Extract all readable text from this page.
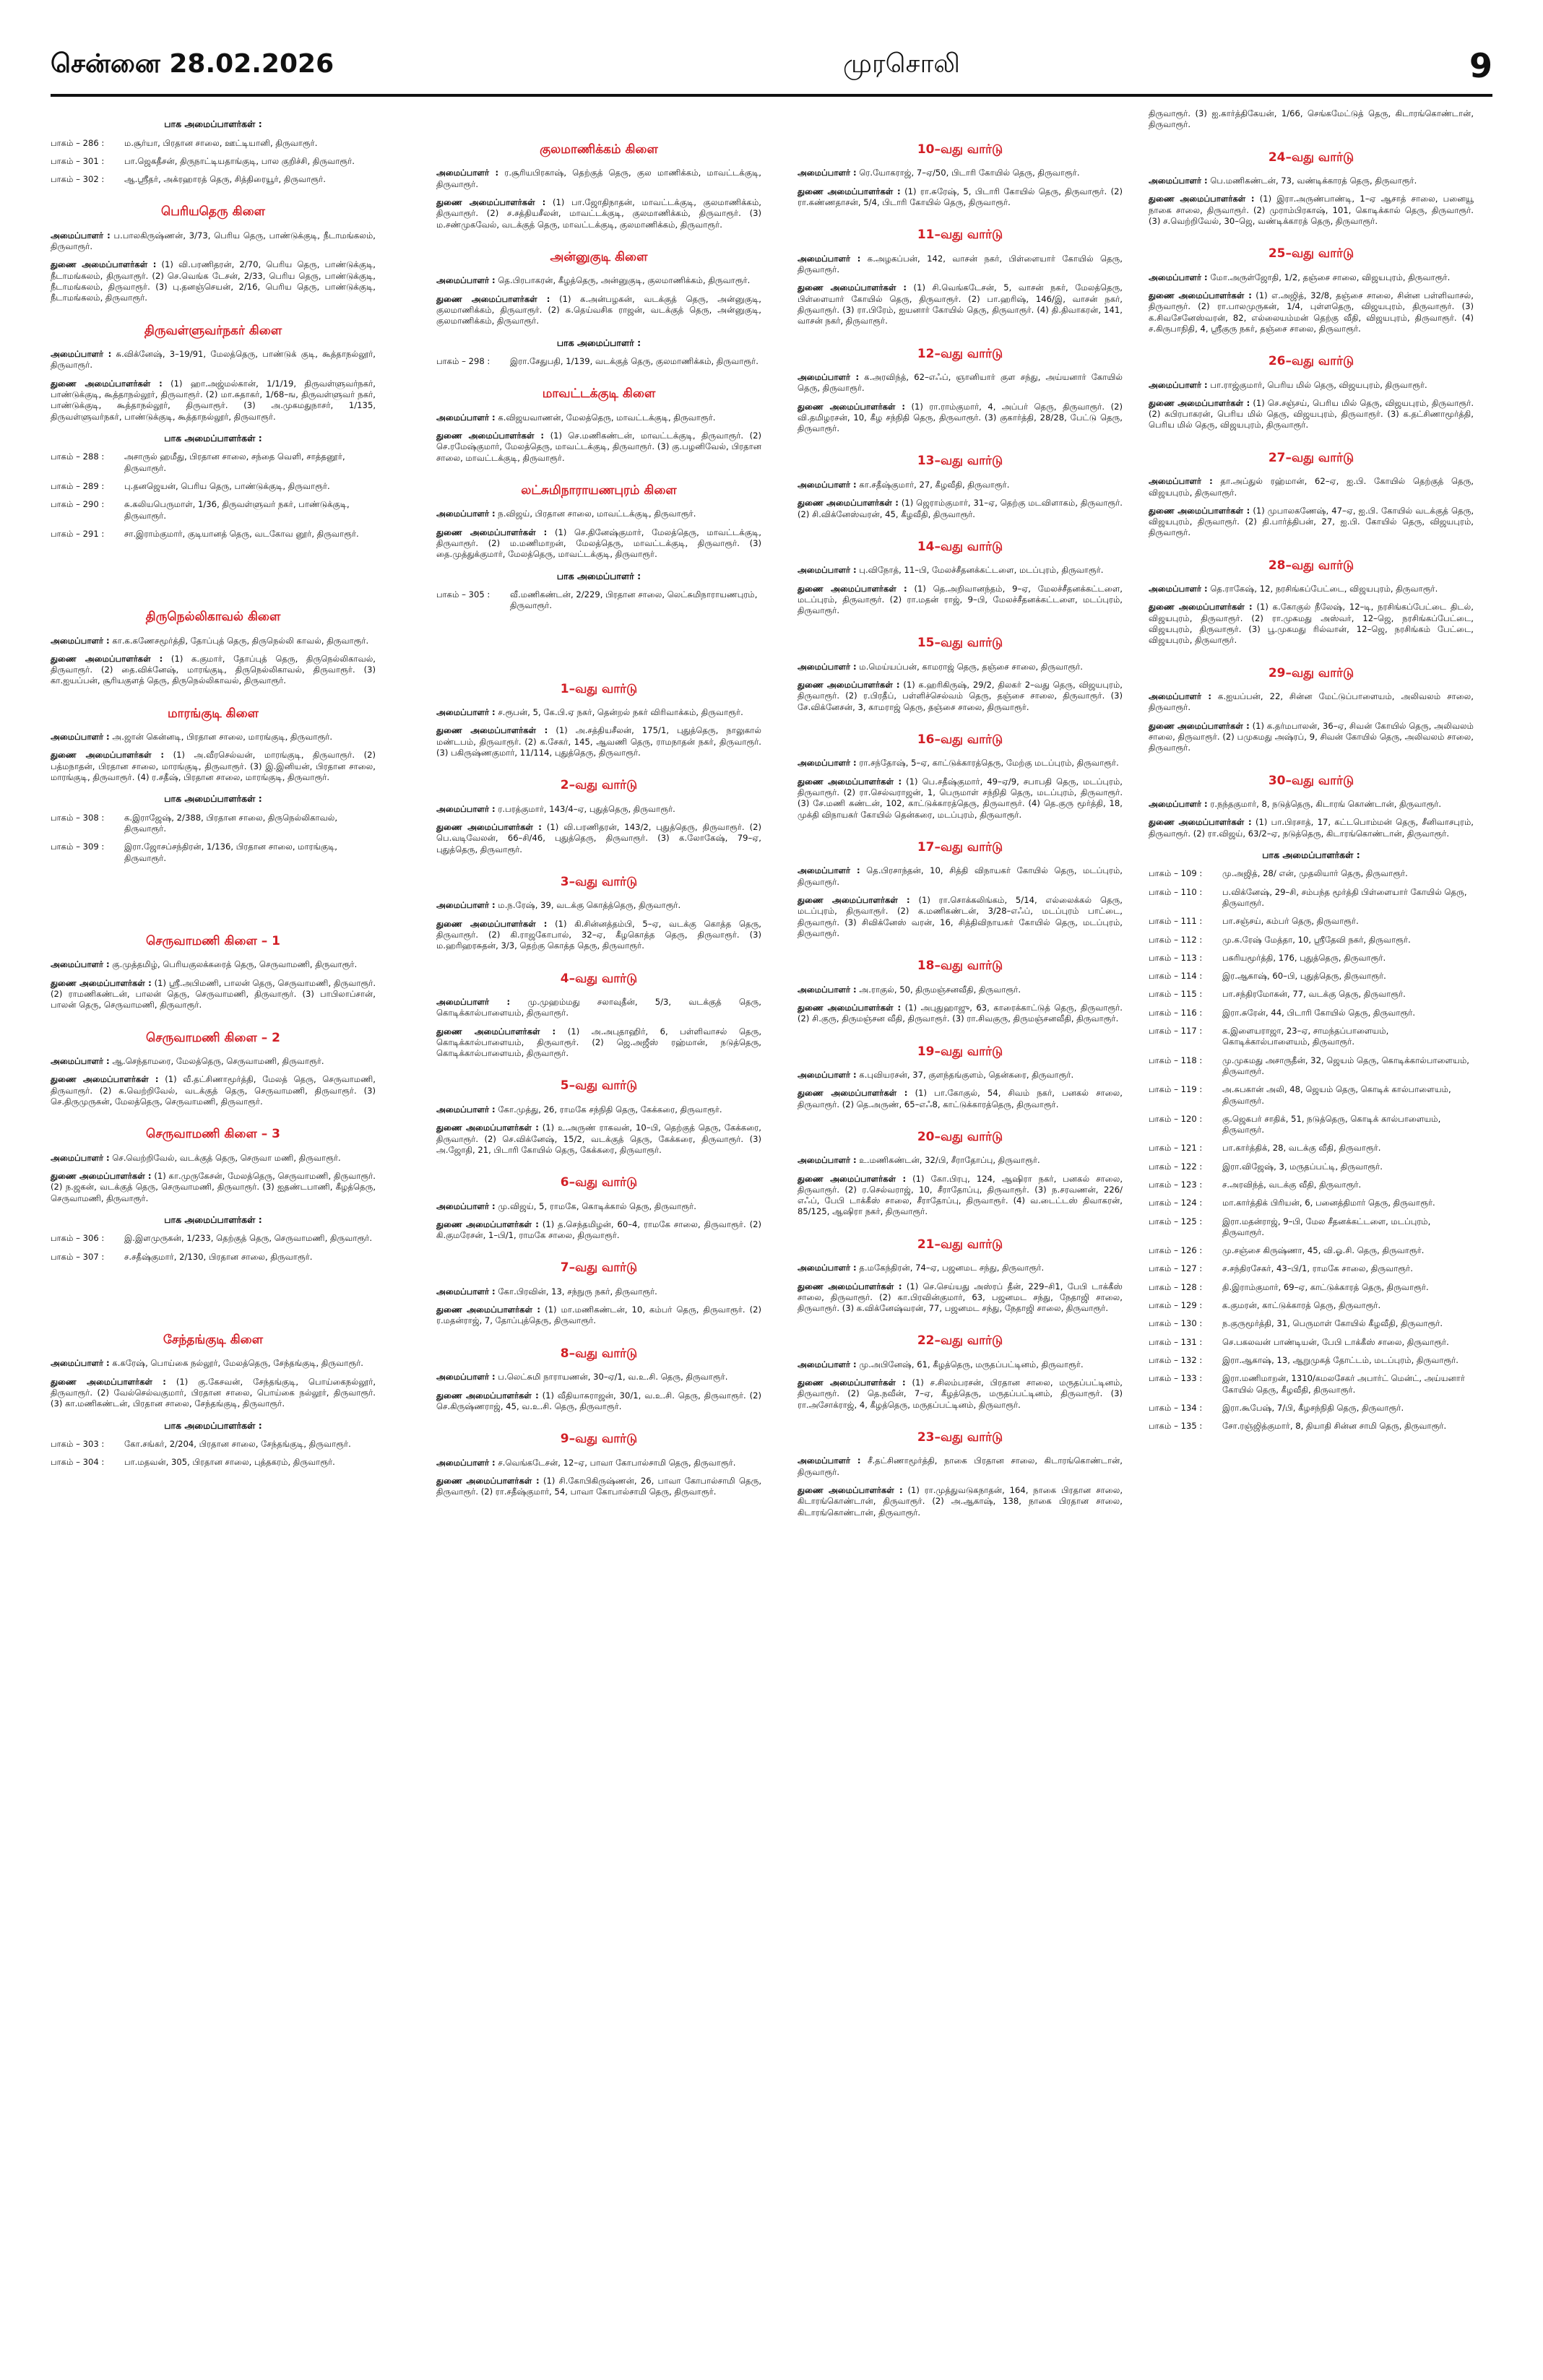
சென்னை 28.02.2026	முரசொலி	9
பாக அமைப்பாளர்கள் :
பாகம் – 286 :	ம.சூர்யா, பிரதான சாலை, ஊட்டியானி, திருவாரூர்.
பாகம் – 301 :	பா.ஜெகதீசன், திருநாட்டியதாங்குடி, பால குறிச்சி, திருவாரூர்.
பாகம் – 302 :	ஆ.ஸ்ரீதர், அக்ரஹாரத் தெரு, சித்திரையூர், திருவாரூர்.
பெரியதெரு கிளை
அமைப்பாளர் : ப.பாலகிருஷ்ணன், 3/73, பெரிய தெரு, பாண்டுக்குடி, நீடாமங்கலம், திருவாரூர்.
துணை அமைப்பாளர்கள் : (1) வி.பரணிதரன், 2/70, பெரிய தெரு, பாண்டுக்குடி, நீடாமங்கலம், திருவாரூர். (2) செ.வெங்க டேசன், 2/33, பெரிய தெரு, பாண்டுக்குடி, நீடாமங்கலம், திருவாரூர். (3) பு.தனஞ்செயன், 2/16, பெரிய தெரு, பாண்டுக்குடி, நீடாமங்கலம், திருவாரூர்.
திருவள்ளுவர்நகர் கிளை
அமைப்பாளர் : சு.விக்னேஷ், 3–19/91, மேலத்தெரு, பாண்டுக் குடி, கூத்தாநல்லூர், திருவாரூர்.
துணை அமைப்பாளர்கள் : (1) ஹா.அஜ்மல்கான், 1/1/19, திருவள்ளுவர்நகர், பாண்டுக்குடி, கூத்தாநல்லூர், திருவாரூர். (2) மா.சுதாகர், 1/68–ங, திருவள்ளுவர் நகர், பாண்டுக்குடி, கூத்தாநல்லூர், திருவாரூர். (3) அ.முகமதுநாசர், 1/135, திருவள்ளுவர்நகர், பாண்டுக்குடி, கூத்தாநல்லூர், திருவாரூர்.
பாக அமைப்பாளர்கள் :
பாகம் – 288 :	அசாருல் ஹமீது, பிரதான சாலை, சந்தை வெளி, சாத்தனூர், திருவாரூர்.
பாகம் – 289 :	பு.தனஜெயன், பெரிய தெரு, பாண்டுக்குடி, திருவாரூர்.
பாகம் – 290 :	சு.கலியபெருமாள், 1/36, திருவள்ளுவர் நகர், பாண்டுக்குடி, திருவாரூர்.
பாகம் – 291 :	சா.இராம்குமார், குடியானத் தெரு, வடகோவ னூர், திருவாரூர்.
திருநெல்லிகாவல் கிளை
அமைப்பாளர் : கா.க.கணேசமூர்த்தி, தோப்புத் தெரு, திருநெல்லி காவல், திருவாரூர்.
துணை அமைப்பாளர்கள் : (1) க.குமார், தோப்புத் தெரு, திருநெல்லிகாவல், திருவாரூர். (2) தை.விக்னேஷ், மாரங்குடி, திருநெல்லிகாவல், திருவாரூர். (3) கா.ஐயப்பன், சூரியகுளத் தெரு, திருநெல்லிகாவல், திருவாரூர்.
மாரங்குடி கிளை
அமைப்பாளர் : அ.ஜான் கென்னடி, பிரதான சாலை, மாரங்குடி, திருவாரூர்.
துணை அமைப்பாளர்கள் : (1) அ.வீரசெல்வன், மாரங்குடி, திருவாரூர். (2) பத்மநாதன், பிரதான சாலை, மாரங்குடி, திருவாரூர். (3) இ.இனியன், பிரதான சாலை, மாரங்குடி, திருவாரூர். (4) ர.சதீஷ், பிரதான சாலை, மாரங்குடி, திருவாரூர்.
பாக அமைப்பாளர்கள் :
பாகம் – 308 :	க.இராஜேஷ், 2/388, பிரதான சாலை, திருநெல்லிகாவல், திருவாரூர்.
பாகம் – 309 :	இரா.ஜோசப்சந்திரன், 1/136, பிரதான சாலை, மாரங்குடி, திருவாரூர்.
செருவாமணி கிளை – 1
அமைப்பாளர் : கு.முத்தமிழ், பெரியகுலக்கரைத் தெரு, செருவாமணி, திருவாரூர்.
துணை அமைப்பாளர்கள் : (1) ஸ்ரீ.அபிமணி, பாலன் தெரு, செருவாமணி, திருவாரூர். (2) ராமணிகண்டன், பாலன் தெரு, செருவாமணி, திருவாரூர். (3) பாபிலாப்சான், பாலன் தெரு, செருவாமணி, திருவாரூர்.
செருவாமணி கிளை – 2
அமைப்பாளர் : ஆ.செந்தாமரை, மேலத்தெரு, செருவாமணி, திருவாரூர்.
துணை அமைப்பாளர்கள் : (1) வீ.தட்சிணாமூர்த்தி, மேலத் தெரு, செருவாமணி, திருவாரூர். (2) க.வெற்றிவேல், வடக்குத் தெரு, செருவாமணி, திருவாரூர். (3) செ.திருமுருகன், மேலத்தெரு, செருவாமணி, திருவாரூர்.
செருவாமணி கிளை – 3
அமைப்பாளர் : செ.வெற்றிவேல், வடக்குத் தெரு, செருவா மணி, திருவாரூர்.
துணை அமைப்பாளர்கள் : (1) கா.முருகேசன், மேலத்தெரு, செருவாமணி, திருவாரூர். (2) ந.ஜகன், வடக்குத் தெரு, செருவாமணி, திருவாரூர். (3) ஐதண்டபாணி, கீழத்தெரு, செருவாமணி, திருவாரூர்.
பாக அமைப்பாளர்கள் :
பாகம் – 306 :	இ.இளமுருகன், 1/233, தெற்குத் தெரு, செருவாமணி, திருவாரூர்.
பாகம் – 307 :	ச.சதீஷ்குமார், 2/130, பிரதான சாலை, திருவாரூர்.
சேந்தங்குடி கிளை
அமைப்பாளர் : க.கரேஷ், பொய்கை நல்லூர், மேலத்தெரு, சேந்தங்குடி, திருவாரூர்.
துணை அமைப்பாளர்கள் : (1) கு.கேசவன், சேந்தங்குடி, பொய்கைநல்லூர், திருவாரூர். (2) வேல்செல்வகுமார், பிரதான சாலை, பொய்கை நல்லூர், திருவாரூர். (3) கா.மணிகண்டன், பிரதான சாலை, சேந்தங்குடி, திருவாரூர்.
பாக அமைப்பாளர்கள் :
பாகம் – 303 :	கோ.சங்கர், 2/204, பிரதான சாலை, சேந்தங்குடி, திருவாரூர்.
பாகம் – 304 :	பா.மதவன், 305, பிரதான சாலை, புத்தகரம், திருவாரூர்.
குலமாணிக்கம் கிளை
அமைப்பாளர் : ர.சூரியபிரகாஷ், தெற்குத் தெரு, குல மாணிக்கம், மாவட்டக்குடி, திருவாரூர்.
துணை அமைப்பாளர்கள் : (1) பா.ஜோதிநாதன், மாவட்டக்குடி, குலமாணிக்கம், திருவாரூர். (2) ச.சத்தியசீலன், மாவட்டக்குடி, குலமாணிக்கம், திருவாரூர். (3) ம.சண்முகவேல், வடக்குத் தெரு, மாவட்டக்குடி, குலமாணிக்கம், திருவாரூர்.
அன்னுகுடி கிளை
அமைப்பாளர் : தெ.பிரபாகரன், கீழத்தெரு, அன்னுகுடி, குலமாணிக்கம், திருவாரூர்.
துணை அமைப்பாளர்கள் : (1) க.அன்பழகன், வடக்குத் தெரு, அன்னுகுடி, குலமாணிக்கம், திருவாரூர். (2) சு.தெய்வசிக ராஜன், வடக்குத் தெரு, அன்னுகுடி, குலமாணிக்கம், திருவாரூர்.
பாக அமைப்பாளர் :
பாகம் – 298 :	இரா.சேதுபதி, 1/139, வடக்குத் தெரு, குலமாணிக்கம், திருவாரூர்.
மாவட்டக்குடி கிளை
அமைப்பாளர் : க.விஜயவாணன், மேலத்தெரு, மாவட்டக்குடி, திருவாரூர்.
துணை அமைப்பாளர்கள் : (1) செ.மணிகண்டன், மாவட்டக்குடி, திருவாரூர். (2) செ.ரமேஷ்குமார், மேலத்தெரு, மாவட்டக்குடி, திருவாரூர். (3) கு.பழனிவேல், பிரதான சாலை, மாவட்டக்குடி, திருவாரூர்.
லட்சுமிநாராயணபுரம் கிளை
அமைப்பாளர் : ந.விஜய், பிரதான சாலை, மாவட்டக்குடி, திருவாரூர்.
துணை அமைப்பாளர்கள் : (1) செ.தினேஷ்குமார், மேலத்தெரு, மாவட்டக்குடி, திருவாரூர். (2) ம.மணிமாறன், மேலத்தெரு, மாவட்டக்குடி, திருவாரூர். (3) தை.முத்துக்குமார், மேலத்தெரு, மாவட்டக்குடி, திருவாரூர்.
பாக அமைப்பாளர் :
பாகம் – 305 :	வீ.மணிகண்டன், 2/229, பிரதான சாலை, லெட்சுமிநாராயணபுரம், திருவாரூர்.
1–வது வார்டு
அமைப்பாளர் : ச.ரூபன், 5, கே.பி.ஏ நகர், தென்றல் நகர் விரிவாக்கம், திருவாரூர்.
துணை அமைப்பாளர்கள் : (1) அ.சத்தியசீலன், 175/1, புதுத்தெரு, நாலுகால் மண்டபம், திருவாரூர். (2) க.சேகர், 145, ஆவணி தெரு, ராமநாதன் நகர், திருவாரூர். (3) பகிருஷ்ணகுமார், 11/114, புதுத்தெரு, திருவாரூர்.
2–வது வார்டு
அமைப்பாளர் : ர.பரத்குமார், 143/4–ஏ, புதுத்தெரு, திருவாரூர்.
துணை அமைப்பாளர்கள் : (1) வி.பரணிதரன், 143/2, புதுத்தெரு, திருவாரூர். (2) பெ.வடிவேலன், 66–சி/46, புதுத்தெரு, திருவாரூர். (3) க.லோகேஷ், 79–ஏ, புதுத்தெரு, திருவாரூர்.
3–வது வார்டு
அமைப்பாளர் : ம.ந.ரேஷ், 39, வடக்கு கொத்த்தெரு, திருவாரூர்.
துணை அமைப்பாளர்கள் : (1) கி.சின்னத்தம்பி, 5–ஏ, வடக்கு கொத்த தெரு, திருவாரூர். (2) கி.ராஜகோபால், 32–ஏ, கீழகொத்த தெரு, திருவாரூர். (3) ம.ஹரிஹரசுதன், 3/3, தெற்கு கொத்த தெரு, திருவாரூர்.
4–வது வார்டு
அமைப்பாளர் : மு.முஹம்மது சலாவுதீன், 5/3, வடக்குத் தெரு, கொடிக்கால்பாளையம், திருவாரூர்.
துணை அமைப்பாளர்கள் : (1) அ.அபுதாஹிர், 6, பள்ளிவாசல் தெரு, கொடிக்கால்பாளையம், திருவாரூர். (2) ஜெ.அஜீஸ் ரஹ்மான், நடுத்தெரு, கொடிக்கால்பாளையம், திருவாரூர்.
5–வது வார்டு
அமைப்பாளர் : கோ.முத்து, 26, ராமகே சந்நிதி தெரு, கேக்கரை, திருவாரூர்.
துணை அமைப்பாளர்கள் : (1) உ.அருண் ராகவன், 10–பி, தெற்குத் தெரு, கேக்கரை, திருவாரூர். (2) செ.விக்னேஷ், 15/2, வடக்குத் தெரு, கேக்கரை, திருவாரூர். (3) அ.ஜோதி, 21, பிடாரி கோயில் தெரு, கேக்கரை, திருவாரூர்.
6–வது வார்டு
அமைப்பாளர் : மு.விஜய், 5, ராமகே, கொடிக்கால் தெரு, திருவாரூர்.
துணை அமைப்பாளர்கள் : (1) த.செந்தமிழன், 60–4, ராமகே சாலை, திருவாரூர். (2) கி.குமரேசன், 1–பி/1, ராமகே சாலை, திருவாரூர்.
7–வது வார்டு
அமைப்பாளர் : கோ.பிரவின், 13, சந்நுரு நகர், திருவாரூர்.
துணை அமைப்பாளர்கள் : (1) மா.மணிகண்டன், 10, கம்பர் தெரு, திருவாரூர். (2) ர.மதன்ராஜ், 7, தோப்புத்தெரு, திருவாரூர்.
8–வது வார்டு
அமைப்பாளர் : ப.லெட்சுமி நாராயணன், 30–ஏ/1, வ.உ.சி. தெரு, திருவாரூர்.
துணை அமைப்பாளர்கள் : (1) வீதியாசுராஜன், 30/1, வ.உ.சி. தெரு, திருவாரூர். (2) செ.கிருஷ்ணராஜ், 45, வ.உ.சி. தெரு, திருவாரூர்.
9–வது வார்டு
அமைப்பாளர் : ச.வெங்கடேசன், 12–ஏ, பாவா கோபால்சாமி தெரு, திருவாரூர்.
துணை அமைப்பாளர்கள் : (1) சி.கோபிகிருஷ்ணன், 26, பாவா கோபால்சாமி தெரு, திருவாரூர். (2) ரா.சதீஷ்குமார், 54, பாவா கோபால்சாமி தெரு, திருவாரூர்.
10–வது வார்டு
அமைப்பாளர் : ரெ.யோகராஜ், 7–ஏ/50, பிடாரி கோயில் தெரு, திருவாரூர்.
துணை அமைப்பாளர்கள் : (1) ரா.சுரேஷ், 5, பிடாரி கோயில் தெரு, திருவாரூர். (2) ரா.கண்ணதாசன், 5/4, பிடாரி கோயில் தெரு, திருவாரூர்.
11–வது வார்டு
அமைப்பாளர் : க.அழகப்பன், 142, வாசன் நகர், பிள்ளையார் கோயில் தெரு, திருவாரூர்.
துணை அமைப்பாளர்கள் : (1) சி.வெங்கடேசன், 5, வாசன் நகர், மேலத்தெரு, பிள்ளையார் கோயில் தெரு, திருவாரூர். (2) பா.ஹரிஷ், 146/இ, வாசன் நகர், திருவாரூர். (3) ரா.பிரேம், ஐயனார் கோயில் தெரு, திருவாரூர். (4) தி.திவாகரன், 141, வாசன் நகர், திருவாரூர்.
12–வது வார்டு
அமைப்பாளர் : க.அரவிந்த், 62–எஃப், ஞானியார் குள சந்து, அய்யனார் கோயில் தெரு, திருவாரூர்.
துணை அமைப்பாளர்கள் : (1) ரா.ராம்குமார், 4, அப்பர் தெரு, திருவாரூர். (2) வி.தமிழரசன், 10, கீழ சந்நிதி தெரு, திருவாரூர். (3) குகார்த்தி, 28/28, பேட்டு தெரு, திருவாரூர்.
13–வது வார்டு
அமைப்பாளர் : கா.சதீஷ்குமார், 27, கீழவீதி, திருவாரூர்.
துணை அமைப்பாளர்கள் : (1) ஜெராம்குமார், 31–ஏ, தெற்கு மடவிளாகம், திருவாரூர். (2) சி.விக்னேஸ்வரன், 45, கீழவீதி, திருவாரூர்.
14–வது வார்டு
அமைப்பாளர் : பு.விநோத், 11–பி, மேலச்சீதனக்கட்டளை, மடப்புரம், திருவாரூர்.
துணை அமைப்பாளர்கள் : (1) தெ.அறிவானந்தம், 9–ஏ, மேலச்சீதனக்கட்டளை, மடப்புரம், திருவாரூர். (2) ரா.மதன் ராஜ், 9–பி, மேலச்சீதனக்கட்டளை, மடப்புரம், திருவாரூர்.
15–வது வார்டு
அமைப்பாளர் : ம.மெய்யப்பன், காமராஜ் தெரு, தஞ்சை சாலை, திருவாரூர்.
துணை அமைப்பாளர்கள் : (1) க.ஹரிகிருஷ், 29/2, திலகர் 2–வது தெரு, விஜயபுரம், திருவாரூர். (2) ர.பிரதீப், பள்ளிச்செல்வம் தெரு, தஞ்சை சாலை, திருவாரூர். (3) சே.விக்னேசன், 3, காமராஜ் தெரு, தஞ்சை சாலை, திருவாரூர்.
16–வது வார்டு
அமைப்பாளர் : ரா.சந்தோஷ், 5–ஏ, காட்டுக்காரத்தெரு, மேற்கு மடப்புரம், திருவாரூர்.
துணை அமைப்பாளர்கள் : (1) பெ.சதீஷ்குமார், 49–ஏ/9, சபாபதி தெரு, மடப்புரம், திருவாரூர். (2) ரா.செல்வராஜன், 1, பெருமாள் சந்நிதி தெரு, மடப்புரம், திருவாரூர். (3) சே.மணி கண்டன், 102, காட்டுக்காரத்தெரு, திருவாரூர். (4) தெ.குரு மூர்த்தி, 18, முக்தி விநாயகர் கோயில் தென்கரை, மடப்புரம், திருவாரூர்.
17–வது வார்டு
அமைப்பாளர் : தெ.பிரசாந்தன், 10, சித்தி விநாயகர் கோயில் தெரு, மடப்புரம், திருவாரூர்.
துணை அமைப்பாளர்கள் : (1) ரா.சொக்கலிங்கம், 5/14, எல்லைக்கல் தெரு, மடப்புரம், திருவாரூர். (2) க.மணிகண்டன், 3/28–எஃப், மடப்புரம் பாட்டை, திருவாரூர். (3) சிவிக்னேஸ் வரன், 16, சித்திவிநாயகர் கோயில் தெரு, மடப்புரம், திருவாரூர்.
18–வது வார்டு
அமைப்பாளர் : அ.ராகுல், 50, திருமஞ்சனவீதி, திருவாரூர்.
துணை அமைப்பாளர்கள் : (1) அபுதுஹாஜு, 63, காரைக்காட்டுத் தெரு, திருவாரூர். (2) சி.குரு, திருமஞ்சன வீதி, திருவாரூர். (3) ரா.சிவகுரு, திருமஞ்சனவீதி, திருவாரூர்.
19–வது வார்டு
அமைப்பாளர் : க.புவியரசன், 37, குளந்தங்குளம், தென்கரை, திருவாரூர்.
துணை அமைப்பாளர்கள் : (1) பா.கோகுல், 54, சிவம் நகர், பனகல் சாலை, திருவாரூர். (2) தெ.அருண், 65–எஃ8, காட்டுக்காரத்தெரு, திருவாரூர்.
20–வது வார்டு
அமைப்பாளர் : உ.மணிகண்டன், 32/பி, சீராதோப்பு, திருவாரூர்.
துணை அமைப்பாளர்கள் : (1) கோ.பிரபு, 124, ஆஷிரா நகர், பனகல் சாலை, திருவாரூர். (2) ர.செல்வராஜ், 10, சீராதோப்பு, திருவாரூர். (3) ந.சரவணன், 226/எஃப், பேபி டாக்கீஸ் சாலை, சீராதோப்பு, திருவாரூர். (4) வ.டைட்டஸ் திவாகரன், 85/125, ஆஷிரா நகர், திருவாரூர்.
21–வது வார்டு
அமைப்பாளர் : த.மகேந்திரன், 74–ஏ, பஜனமட சந்து, திருவாரூர்.
துணை அமைப்பாளர்கள் : (1) செ.செய்யது அஸ்ரப் தீன், 229–சி1, பேபி டாக்கீஸ் சாலை, திருவாரூர். (2) கா.பிரவின்குமார், 63, பஜனமட சந்து, நேதாஜி சாலை, திருவாரூர். (3) க.விக்னேஷ்வரன், 77, பஜனமட சந்து, நேதாஜி சாலை, திருவாரூர்.
22–வது வார்டு
அமைப்பாளர் : மு.அபினேஷ், 61, கீழத்தெரு, மருதப்பட்டினம், திருவாரூர்.
துணை அமைப்பாளர்கள் : (1) ச.சிலம்பரசன், பிரதான சாலை, மருதப்பட்டினம், திருவாரூர். (2) தெ.நவீன், 7–ஏ, கீழத்தெரு, மருதப்பட்டினம், திருவாரூர். (3) ரா.அசோக்ராஜ், 4, கீழத்தெரு, மருதப்பட்டினம், திருவாரூர்.
23–வது வார்டு
அமைப்பாளர் : சீ.தட்சிணாமூர்த்தி, நாகை பிரதான சாலை, கிடாரங்கொண்டான், திருவாரூர்.
துணை அமைப்பாளர்கள் : (1) ரா.முத்துவடுகநாதன், 164, நாகை பிரதான சாலை, கிடாரங்கொண்டான், திருவாரூர். (2) அ.ஆகாஷ், 138, நாகை பிரதான சாலை, கிடாரங்கொண்டான், திருவாரூர்.
திருவாரூர். (3) ஐ.கார்த்திகேயன், 1/66, செங்கமேட்டுத் தெரு, கிடாரங்கொண்டான், திருவாரூர்.
24–வது வார்டு
அமைப்பாளர் : பெ.மணிகண்டன், 73, வண்டிக்காரத் தெரு, திருவாரூர்.
துணை அமைப்பாளர்கள் : (1) இரா.அருண்பாண்டி, 1–ஏ ஆசாத் சாலை, பனையூ நாகை சாலை, திருவாரூர். (2) முராம்பிரகாஷ், 101, கொடிக்கால் தெரு, திருவாரூர். (3) ச.வெற்றிவேல், 30–ஜெ, வண்டிக்காரத் தெரு, திருவாரூர்.
25–வது வார்டு
அமைப்பாளர் : மோ.அருள்ஜோதி, 1/2, தஞ்சை சாலை, விஜயபுரம், திருவாரூர்.
துணை அமைப்பாளர்கள் : (1) எ.அஜித், 32/8, தஞ்சை சாலை, சின்ன பள்ளிவாசல், திருவாரூர். (2) ரா.பாலமுருகன், 1/4, புள்ளதெரு, விஜயபுரம், திருவாரூர். (3) க.சிவசேனேஸ்வரன், 82, எல்லையம்மன் தெற்கு வீதி, விஜயபுரம், திருவாரூர். (4) ச.கிருபாநிதி, 4, ஸ்ரீகுரு நகர், தஞ்சை சாலை, திருவாரூர்.
26–வது வார்டு
அமைப்பாளர் : பா.ராஜ்குமார், பெரிய மில் தெரு, விஜயபுரம், திருவாரூர்.
துணை அமைப்பாளர்கள் : (1) செ.சஞ்சய், பெரிய மில் தெரு, விஜயபுரம், திருவாரூர். (2) சுபிரபாகரன், பெரிய மில் தெரு, விஜயபுரம், திருவாரூர். (3) க.தட்சிணாமூர்த்தி, பெரிய மில் தெரு, விஜயபுரம், திருவாரூர்.
27–வது வார்டு
அமைப்பாளர் : தா.அப்துல் ரஹ்மான், 62–ஏ, ஐ.பி. கோயில் தெற்குத் தெரு, விஜயபுரம், திருவாரூர்.
துணை அமைப்பாளர்கள் : (1) முபாலகணேஷ், 47–ஏ, ஐ.பி. கோயில் வடக்குத் தெரு, விஜயபுரம், திருவாரூர். (2) தி.பார்த்திபன், 27, ஐ.பி. கோயில் தெரு, விஜயபுரம், திருவாரூர்.
28–வது வார்டு
அமைப்பாளர் : தெ.ராகேஷ், 12, நரசிங்கப்பேட்டை, விஜயபுரம், திருவாரூர்.
துணை அமைப்பாளர்கள் : (1) க.கோகுல் நீலேஷ், 12–டி, நரசிங்கப்பேட்டை திடல், விஜயபுரம், திருவாரூர். (2) ரா.முகமது அஸ்வர், 12–ஜெ, நரசிங்கப்பேட்டை, விஜயபுரம், திருவாரூர். (3) பூ.முகமது ரில்வான், 12–ஜெ, நரசிங்கம் பேட்டை, விஜயபுரம், திருவாரூர்.
29–வது வார்டு
அமைப்பாளர் : க.ஐயப்பன், 22, சின்ன மேட்டுப்பாளையம், அலிவலம் சாலை, திருவாரூர்.
துணை அமைப்பாளர்கள் : (1) க.தர்மபாலன், 36–ஏ, சிவன் கோயில் தெரு, அலிவலம் சாலை, திருவாரூர். (2) பமுகமது அஷ்ரப், 9, சிவன் கோயில் தெரு, அலிவலம் சாலை, திருவாரூர்.
30–வது வார்டு
அமைப்பாளர் : ர.நந்தகுமார், 8, நடுத்தெரு, கிடாரங் கொண்டான், திருவாரூர்.
துணை அமைப்பாளர்கள் : (1) பா.பிரசாத், 17, கட்டபொம்மன் தெரு, சீனிவாசபுரம், திருவாரூர். (2) ரா.விஜய், 63/2–ஏ, நடுத்தெரு, கிடாரங்கொண்டான், திருவாரூர்.
பாக அமைப்பாளர்கள் :
பாகம் – 109 :	மு.அஜித், 28/ என், முதலியார் தெரு, திருவாரூர்.
பாகம் – 110 :	ப.விக்னேஷ், 29–சி, சம்பந்த மூர்த்தி பிள்ளையார் கோயில் தெரு, திருவாரூர்.
பாகம் – 111 :	பா.சஞ்சய், கம்பர் தெரு, திருவாரூர்.
பாகம் – 112 :	மு.க.ரேஷ் மேத்தா, 10, ஸ்ரீதேவி நகர், திருவாரூர்.
பாகம் – 113 :	பசுரியமூர்த்தி, 176, புதுத்தெரு, திருவாரூர்.
பாகம் – 114 :	இர.ஆகாஷ், 60–பி, புதுத்தெரு, திருவாரூர்.
பாகம் – 115 :	பா.சந்திரமோகன், 77, வடக்கு தெரு, திருவாரூர்.
பாகம் – 116 :	இரா.சுரேன், 44, பிடாரி கோயில் தெரு, திருவாரூர்.
பாகம் – 117 :	க.இளையராஜா, 23–ஏ, சாமந்தப்பாளையம், கொடிக்கால்பாளையம், திருவாரூர்.
பாகம் – 118 :	மு.முகமது அசாருதீன், 32, ஜெயம் தெரு, கொடிக்கால்பாளையம், திருவாரூர்.
பாகம் – 119 :	அ.சுபகான் அலி, 48, ஜெயம் தெரு, கொடிக் கால்பாளையம், திருவாரூர்.
பாகம் – 120 :	கு.ஜெகபர் சாதிக், 51, நடுத்தெரு, கொடிக் கால்பாளையம், திருவாரூர்.
பாகம் – 121 :	பா.கார்த்திக், 28, வடக்கு வீதி, திருவாரூர்.
பாகம் – 122 :	இரா.விஜேஷ், 3, மருதப்பட்டி, திருவாரூர்.
பாகம் – 123 :	ச.அரவிந்த், வடக்கு வீதி, திருவாரூர்.
பாகம் – 124 :	மா.கார்த்திக் பிரியன், 6, பனைத்திமார் தெரு, திருவாரூர்.
பாகம் – 125 :	இரா.மதன்ராஜ், 9–பி, மேல சீதனக்கட்டளை, மடப்புரம், திருவாரூர்.
பாகம் – 126 :	மு.சஞ்சை கிருஷ்ணா, 45, வி.ஓ.சி. தெரு, திருவாரூர்.
பாகம் – 127 :	ச.சந்திரசேகர், 43–பி/1, ராமகே சாலை, திருவாரூர்.
பாகம் – 128 :	தி.இராம்குமார், 69–ஏ, காட்டுக்காரத் தெரு, திருவாரூர்.
பாகம் – 129 :	க.குமரன், காட்டுக்காரத் தெரு, திருவாரூர்.
பாகம் – 130 :	ந.குருமூர்த்தி, 31, பெருமாள் கோயில் கீழவீதி, திருவாரூர்.
பாகம் – 131 :	செ.பகலவன் பாண்டியன், பேபி டாக்கீஸ் சாலை, திருவாரூர்.
பாகம் – 132 :	இரா.ஆகாஷ், 13, ஆறுமுகத் தோட்டம், மடப்புரம், திருவாரூர்.
பாகம் – 133 :	இரா.மணிமாறன், 1310/கமலசேகர் அபார்ட் மென்ட், அய்யனார் கோயில் தெரு, கீழவீதி, திருவாரூர்.
பாகம் – 134 :	இரா.கூபேஷ், 7/பி, கீழசந்நிதி தெரு, திருவாரூர்.
பாகம் – 135 :	சோ.ரஞ்ஜித்குமார், 8, தியாதி சின்ன சாமி தெரு, திருவாரூர்.
